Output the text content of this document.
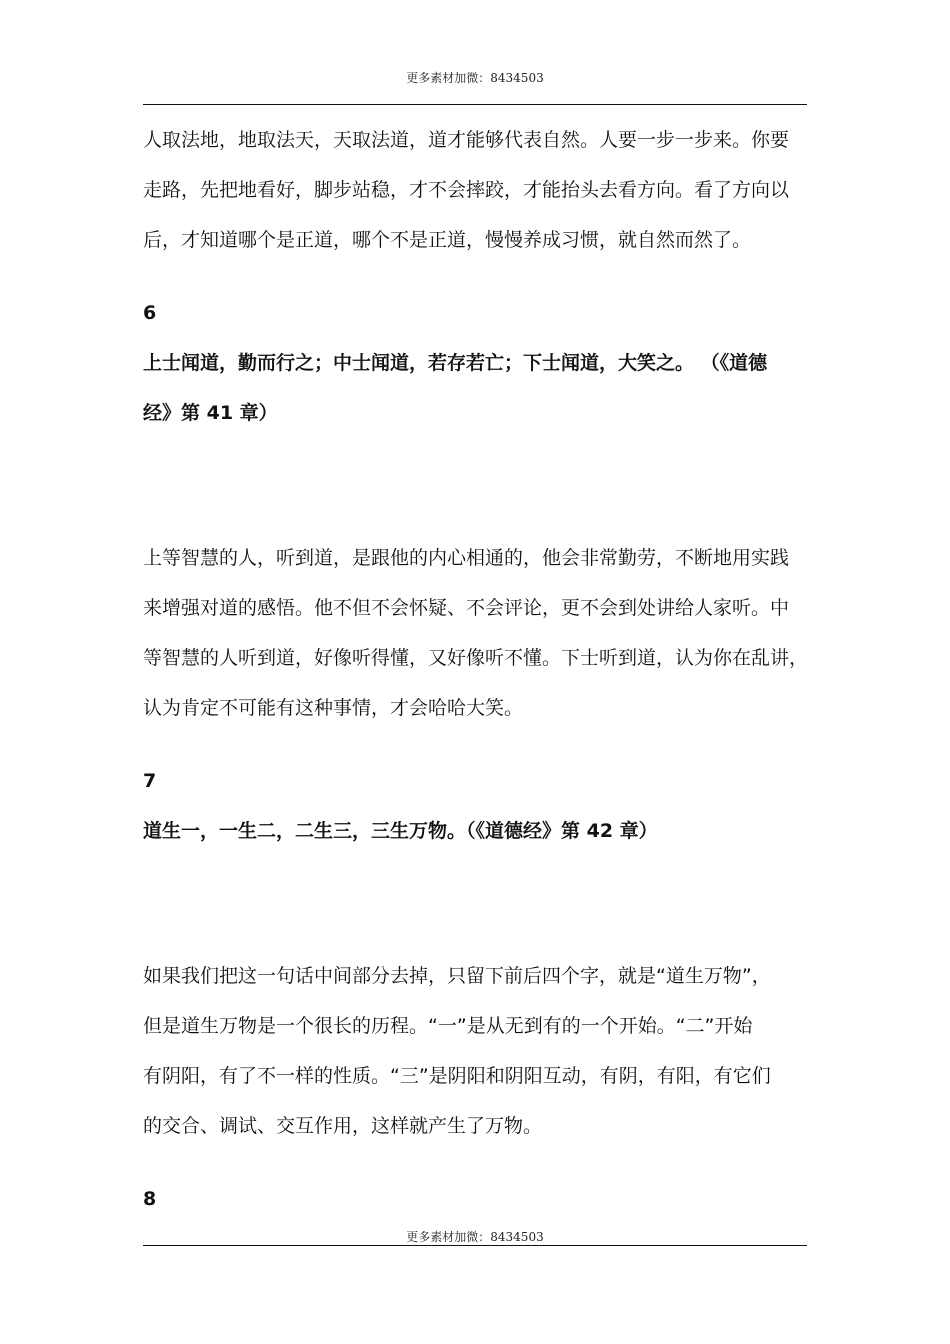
更多素材加微：8434503
人取法地，地取法天，天取法道，道才能够代表自然。人要一步一步来。你要
走路，先把地看好，脚步站稳，才不会摔跤，才能抬头去看方向。看了方向以
后，才知道哪个是正道，哪个不是正道，慢慢养成习惯，就自然而然了。
6
上士闻道，勤而行之；中士闻道，若存若亡；下士闻道，大笑之。 （《道德
经》第 41 章）
上等智慧的人，听到道，是跟他的内心相通的，他会非常勤劳，不断地用实践
来增强对道的感悟。他不但不会怀疑、不会评论，更不会到处讲给人家听。中
等智慧的人听到道，好像听得懂，又好像听不懂。下士听到道，认为你在乱讲，
认为肯定不可能有这种事情，才会哈哈大笑。
7
道生一，一生二，二生三，三生万物。（《道德经》第 42 章）
如果我们把这一句话中间部分去掉，只留下前后四个字，就是“道生万物”，
但是道生万物是一个很长的历程。“一”是从无到有的一个开始。“二”开始
有阴阳，有了不一样的性质。“三”是阴阳和阴阳互动，有阴，有阳，有它们
的交合、调试、交互作用，这样就产生了万物。
8
更多素材加微：8434503
